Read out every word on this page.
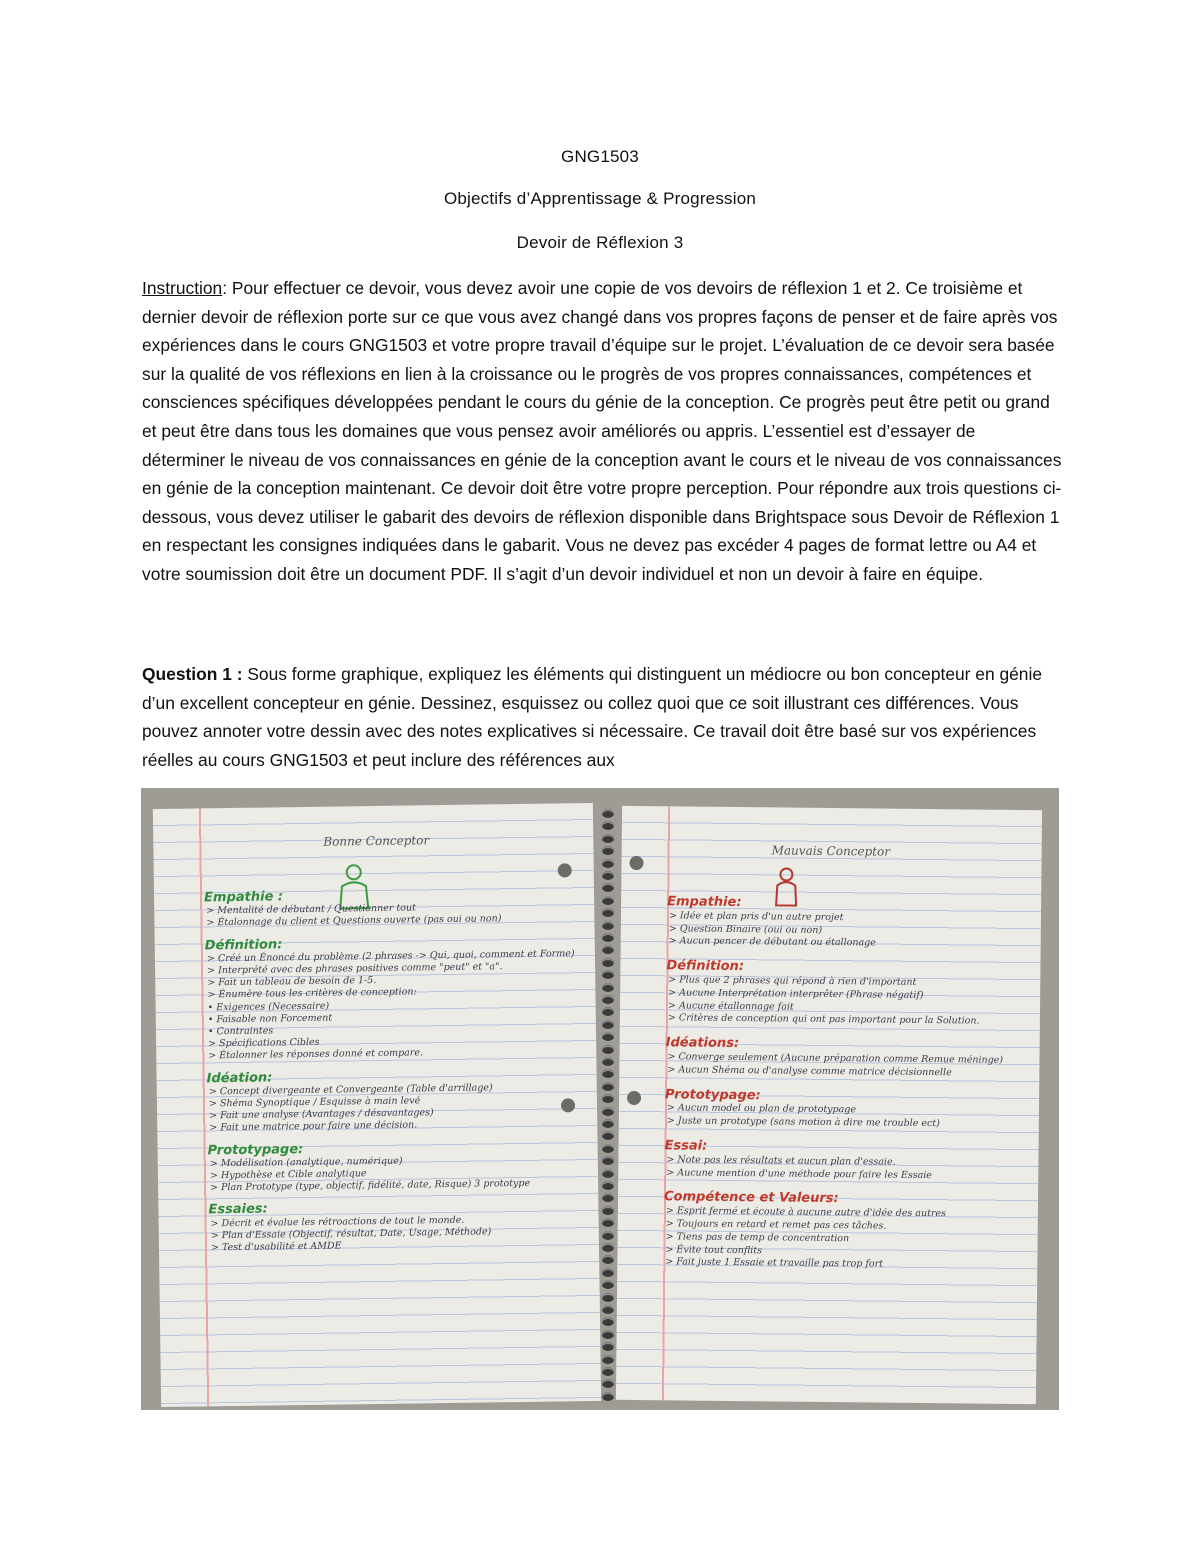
GNG1503
Objectifs d’Apprentissage & Progression
Devoir de Réflexion 3
Instruction: Pour effectuer ce devoir, vous devez avoir une copie de vos devoirs de réflexion 1 et 2. Ce troisième et dernier devoir de réflexion porte sur ce que vous avez changé dans vos propres façons de penser et de faire après vos expériences dans le cours GNG1503 et votre propre travail d’équipe sur le projet. L’évaluation de ce devoir sera basée sur la qualité de vos réflexions en lien à la croissance ou le progrès de vos propres connaissances, compétences et consciences spécifiques développées pendant le cours du génie de la conception. Ce progrès peut être petit ou grand et peut être dans tous les domaines que vous pensez avoir améliorés ou appris. L’essentiel est d’essayer de déterminer le niveau de vos connaissances en génie de la conception avant le cours et le niveau de vos connaissances en génie de la conception maintenant. Ce devoir doit être votre propre perception. Pour répondre aux trois questions ci-dessous, vous devez utiliser le gabarit des devoirs de réflexion disponible dans Brightspace sous Devoir de Réflexion 1 en respectant les consignes indiquées dans le gabarit. Vous ne devez pas excéder 4 pages de format lettre ou A4 et votre soumission doit être un document PDF. Il s’agit d’un devoir individuel et non un devoir à faire en équipe.
Question 1 : Sous forme graphique, expliquez les éléments qui distinguent un médiocre ou bon concepteur en génie d’un excellent concepteur en génie. Dessinez, esquissez ou collez quoi que ce soit illustrant ces différences. Vous pouvez annoter votre dessin avec des notes explicatives si nécessaire. Ce travail doit être basé sur vos expériences réelles au cours GNG1503 et peut inclure des références aux
Bonne Conceptor
Empathie :
> Mentalité de débutant / Questionner tout
> Étalonnage du client et Questions ouverte (pas oui ou non)
Définition:
> Créé un Énoncé du problème (2 phrases -> Qui, quoi, comment et Forme)
> Interprété avec des phrases positives comme "peut" et "a".
> Fait un tableau de besoin de 1-5.
> Énumère tous les critères de conception:
• Exigences (Necessaire)
• Faisable non Forcement
• Contraintes
> Spécifications Cibles
> Étalonner les réponses donné et compare.
Idéation:
> Concept divergeante et Convergeante (Table d'arrillage)
> Shéma Synoptique / Esquisse à main levé
> Fait une analyse (Avantages / désavantages)
> Fait une matrice pour faire une décision.
Prototypage:
> Modélisation (analytique, numérique)
> Hypothèse et Cible analytique
> Plan Prototype (type, objectif, fidélité, date, Risque) 3 prototype
Essaies:
> Décrit et évalue les rétroactions de tout le monde.
> Plan d'Essaie (Objectif, résultat, Date, Usage, Méthode)
> Test d'usabilité et AMDE
Mauvais Conceptor
Empathie:
> Idée et plan pris d'un autre projet
> Question Binaire (oui ou non)
> Aucun pencer de débutant ou étallonage
Définition:
> Plus que 2 phrases qui répond à rien d'important
> Aucune Interprétation interprêter (Phrase négatif)
> Aucune étallonnage fait
> Critères de conception qui ont pas important pour la Solution.
Idéations:
> Converge seulement (Aucune préparation comme Remue méninge)
> Aucun Shéma ou d'analyse comme matrice décisionnelle
Prototypage:
> Aucun model ou plan de prototypage
> Juste un prototype (sans motion à dire me trouble ect)
Essai:
> Note pas les résultats et aucun plan d'essaie.
> Aucune mention d'une méthode pour faire les Essaie
Compétence et Valeurs:
> Esprit fermé et écoute à aucune autre d'idée des autres
> Toujours en retard et remet pas ces tâches.
> Tiens pas de temp de concentration
> Évite tout conflits
> Fait juste 1 Essaie et travaille pas trop fort
